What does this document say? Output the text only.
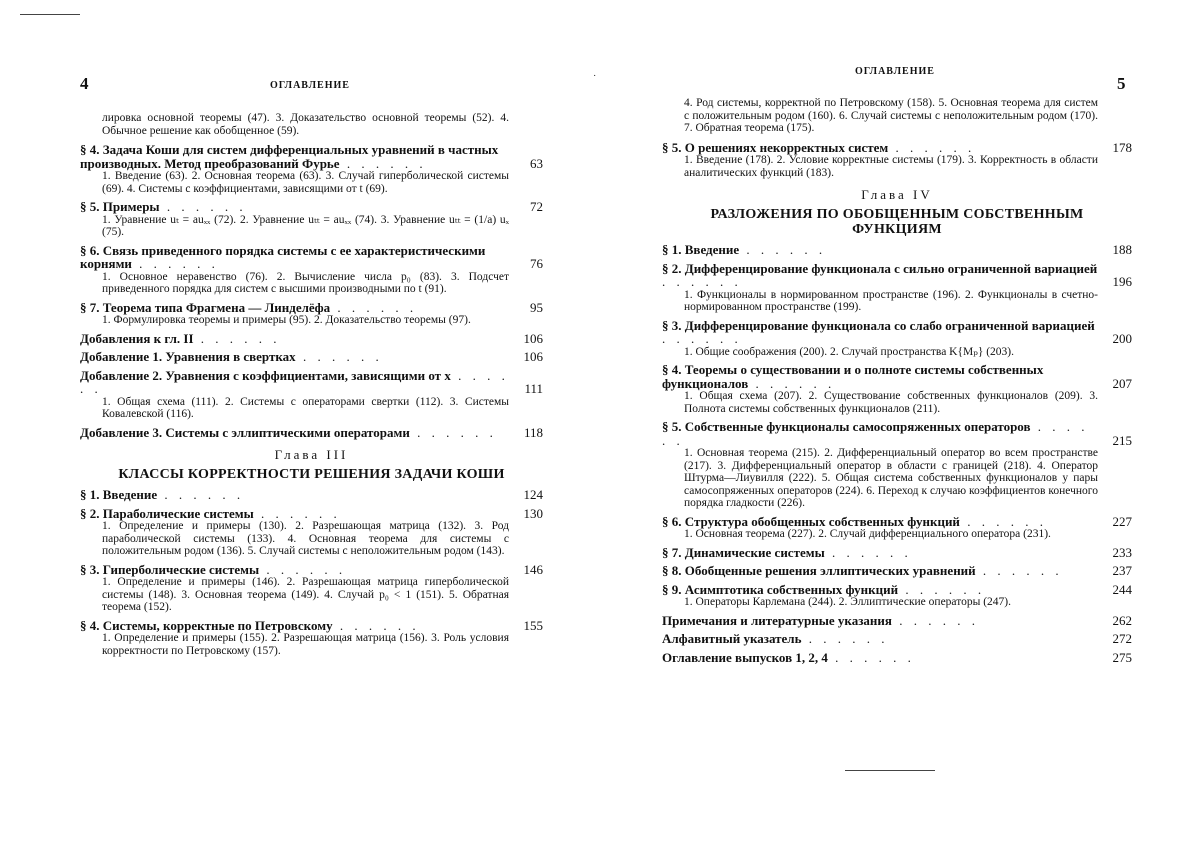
4	ОГЛАВЛЕНИЕ
лировка основной теоремы (47). 3. Доказательство основной теоремы (52). 4. Обычное решение как обобщенное (59).
§ 4. Задача Коши для систем дифференциальных уравнений в частных производных. Метод преобразований Фурье . . . . . .	63
1. Введение (63). 2. Основная теорема (63). 3. Случай гиперболической системы (69). 4. Системы с коэффициентами, зависящими от t (69).
§ 5. Примеры . . . . . .	72
1. Уравнение uₜ = auₓₓ (72). 2. Уравнение uₜₜ = auₓₓ (74). 3. Уравнение uₜₜ = (1/a) uₓ (75).
§ 6. Связь приведенного порядка системы с ее характеристическими корнями . . . . . .	76
1. Основное неравенство (76). 2. Вычисление числа p₀ (83). 3. Подсчет приведенного порядка для систем с высшими производными по t (91).
§ 7. Теорема типа Фрагмена — Линделёфа . . . . . .	95
1. Формулировка теоремы и примеры (95). 2. Доказательство теоремы (97).
Добавления к гл. II . . . . . .	106
Добавление 1. Уравнения в свертках . . . . . .	106
Добавление 2. Уравнения с коэффициентами, зависящими от x . . . . . .	111
1. Общая схема (111). 2. Системы с операторами свертки (112). 3. Системы Ковалевской (116).
Добавление 3. Системы с эллиптическими операторами . . . . . . 118
Глава III
КЛАССЫ КОРРЕКТНОСТИ РЕШЕНИЯ ЗАДАЧИ КОШИ
§ 1. Введение . . . . . .	124
§ 2. Параболические системы . . . . . .	130
1. Определение и примеры (130). 2. Разрешающая матрица (132). 3. Род параболической системы (133). 4. Основная теорема для системы с положительным родом (136). 5. Случай системы с неположительным родом (143).
§ 3. Гиперболические системы . . . . . .	146
1. Определение и примеры (146). 2. Разрешающая матрица гиперболической системы (148). 3. Основная теорема (149). 4. Случай p₀ < 1 (151). 5. Обратная теорема (152).
§ 4. Системы, корректные по Петровскому . . . . . .	155
1. Определение и примеры (155). 2. Разрешающая матрица (156). 3. Роль условия корректности по Петровскому (157).
˙	5
ОГЛАВЛЕНИЕ
4. Род системы, корректной по Петровскому (158). 5. Основная теорема для систем с положительным родом (160). 6. Случай системы с неположительным родом (170). 7. Обратная теорема (175).
§ 5. О решениях некорректных систем . . . . . .	178
1. Введение (178). 2. Условие корректные системы (179). 3. Корректность в области аналитических функций (183).
Глава IV
РАЗЛОЖЕНИЯ ПО ОБОБЩЕННЫМ СОБСТВЕННЫМ ФУНКЦИЯМ
§ 1. Введение . . . . . .	188
§ 2. Дифференцирование функционала с сильно ограниченной вариацией . . . . . .	196
1. Функционалы в нормированном пространстве (196). 2. Функционалы в счетно-нормированном пространстве (199).
§ 3. Дифференцирование функционала со слабо ограниченной вариацией . . . . . .	200
1. Общие соображения (200). 2. Случай пространства K{Mₚ} (203).
§ 4. Теоремы о существовании и о полноте системы собственных функционалов . . . . . .	207
1. Общая схема (207). 2. Существование собственных функционалов (209). 3. Полнота системы собственных функционалов (211).
§ 5. Собственные функционалы самосопряженных операторов . . . . . .	215
1. Основная теорема (215). 2. Дифференциальный оператор во всем пространстве (217). 3. Дифференциальный оператор в области с границей (218). 4. Оператор Штурма—Лиувилля (222). 5. Общая система собственных функционалов у пары самосопряженных операторов (224). 6. Переход к случаю коэффициентов конечного порядка гладкости (226).
§ 6. Структура обобщенных собственных функций . . . . . .	227
1. Основная теорема (227). 2. Случай дифференциального оператора (231).
§ 7. Динамические системы . . . . . .	233
§ 8. Обобщенные решения эллиптических уравнений . . . . . .	237
§ 9. Асимптотика собственных функций . . . . . .	244
1. Операторы Карлемана (244). 2. Эллиптические операторы (247).
Примечания и литературные указания . . . . . .	262
Алфавитный указатель . . . . . .	272
Оглавление выпусков 1, 2, 4 . . . . . .	275
